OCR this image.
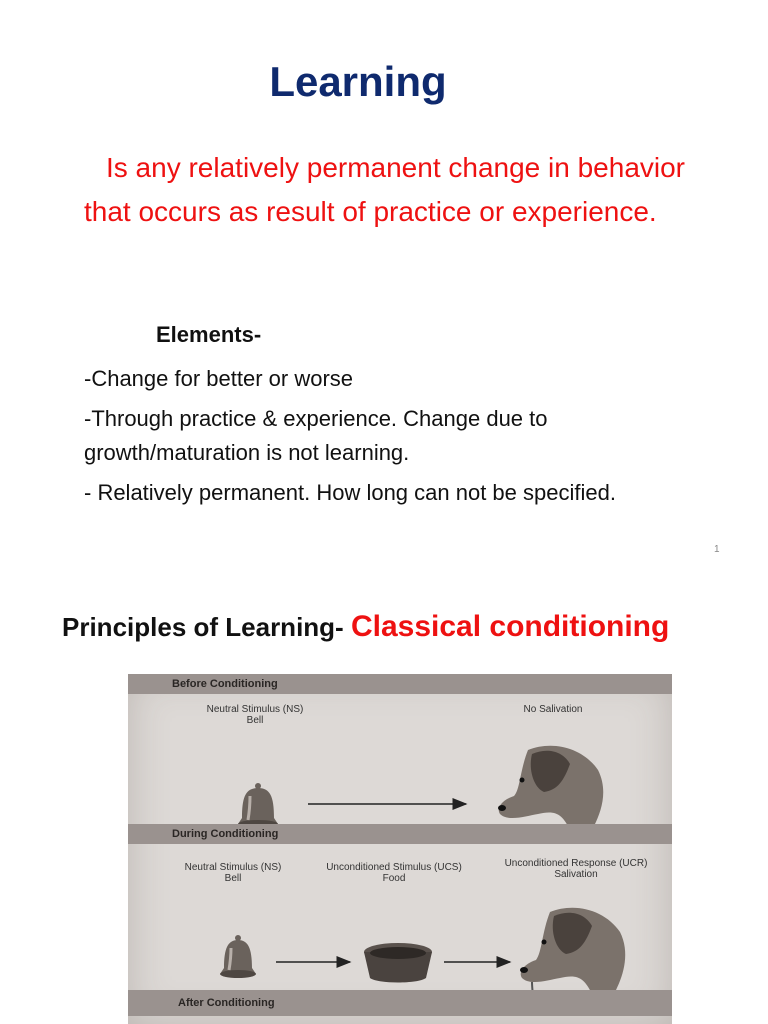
Learning

Is any relatively permanent change in behavior that occurs as result of practice or experience.

Elements-

-Change for better or worse
-Through practice & experience. Change due to growth/maturation is not learning.
- Relatively permanent. How long can not be specified.
1
Principles of Learning- Classical conditioning
Before Conditioning
Neutral Stimulus (NS)
Bell
No Salivation
During Conditioning
Neutral Stimulus (NS)
Bell
Unconditioned Stimulus (UCS)
Food
Unconditioned Response (UCR)
Salivation
After Conditioning
